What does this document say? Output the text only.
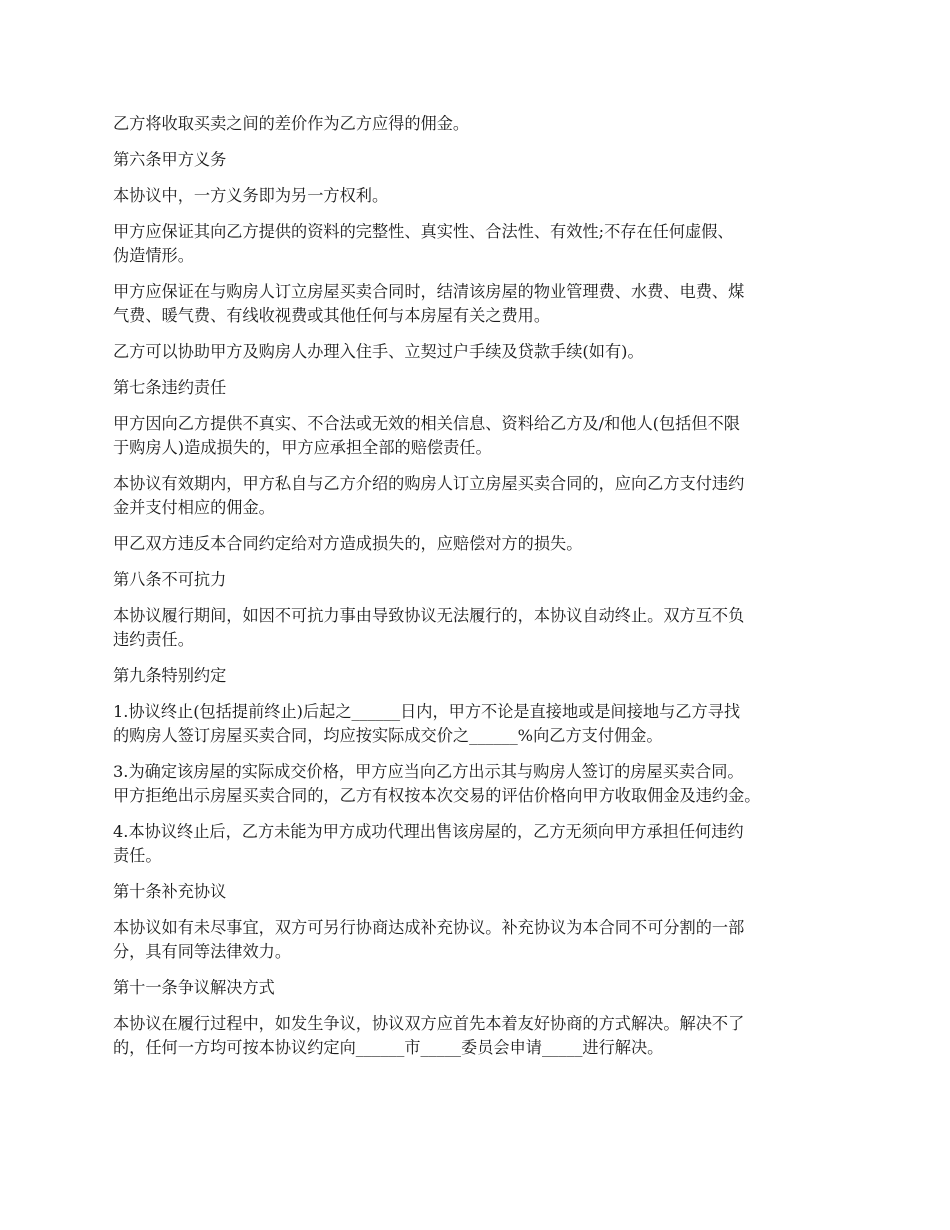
乙方将收取买卖之间的差价作为乙方应得的佣金。

第六条甲方义务

本协议中，一方义务即为另一方权利。

甲方应保证其向乙方提供的资料的完整性、真实性、合法性、有效性;不存在任何虚假、
伪造情形。

甲方应保证在与购房人订立房屋买卖合同时，结清该房屋的物业管理费、水费、电费、煤
气费、暖气费、有线收视费或其他任何与本房屋有关之费用。

乙方可以协助甲方及购房人办理入住手、立契过户手续及贷款手续(如有)。

第七条违约责任

甲方因向乙方提供不真实、不合法或无效的相关信息、资料给乙方及/和他人(包括但不限
于购房人)造成损失的，甲方应承担全部的赔偿责任。

本协议有效期内，甲方私自与乙方介绍的购房人订立房屋买卖合同的，应向乙方支付违约
金并支付相应的佣金。

甲乙双方违反本合同约定给对方造成损失的，应赔偿对方的损失。

第八条不可抗力

本协议履行期间，如因不可抗力事由导致协议无法履行的，本协议自动终止。双方互不负
违约责任。

第九条特别约定

1.协议终止(包括提前终止)后起之______日内，甲方不论是直接地或是间接地与乙方寻找
的购房人签订房屋买卖合同，均应按实际成交价之______%向乙方支付佣金。

3.为确定该房屋的实际成交价格，甲方应当向乙方出示其与购房人签订的房屋买卖合同。
甲方拒绝出示房屋买卖合同的，乙方有权按本次交易的评估价格向甲方收取佣金及违约金。

4.本协议终止后，乙方未能为甲方成功代理出售该房屋的，乙方无须向甲方承担任何违约
责任。

第十条补充协议

本协议如有未尽事宜，双方可另行协商达成补充协议。补充协议为本合同不可分割的一部
分，具有同等法律效力。

第十一条争议解决方式

本协议在履行过程中，如发生争议，协议双方应首先本着友好协商的方式解决。解决不了
的，任何一方均可按本协议约定向______市_____委员会申请_____进行解决。
